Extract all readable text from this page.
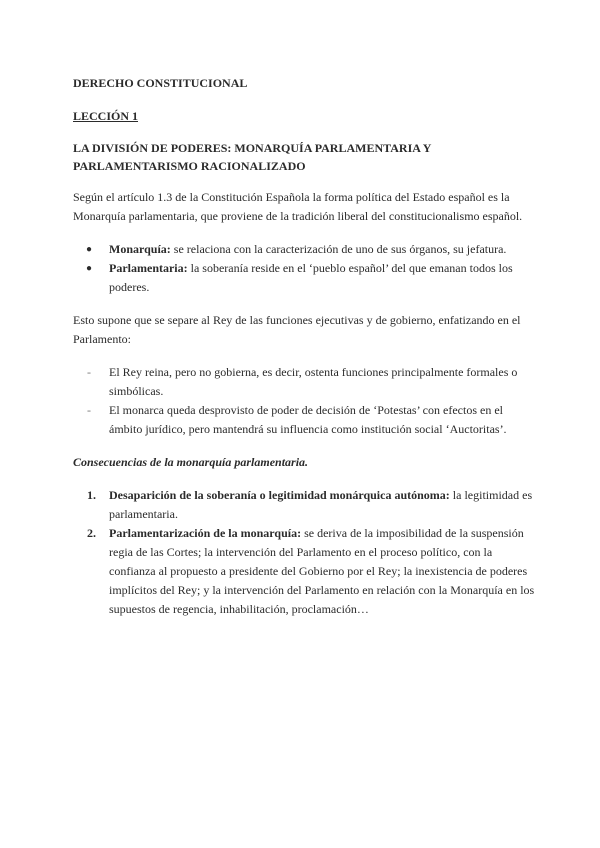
DERECHO CONSTITUCIONAL

LECCIÓN 1

LA DIVISIÓN DE PODERES: MONARQUÍA PARLAMENTARIA Y PARLAMENTARISMO RACIONALIZADO

Según el artículo 1.3 de la Constitución Española la forma política del Estado español es la Monarquía parlamentaria, que proviene de la tradición liberal del constitucionalismo español.

● Monarquía: se relaciona con la caracterización de uno de sus órganos, su jefatura.
● Parlamentaria: la soberanía reside en el ‘pueblo español’ del que emanan todos los poderes.

Esto supone que se separe al Rey de las funciones ejecutivas y de gobierno, enfatizando en el Parlamento:

- El Rey reina, pero no gobierna, es decir, ostenta funciones principalmente formales o simbólicas.
- El monarca queda desprovisto de poder de decisión de ‘Potestas’ con efectos en el ámbito jurídico, pero mantendrá su influencia como institución social ‘Auctoritas’.

Consecuencias de la monarquía parlamentaria.

1. Desaparición de la soberanía o legitimidad monárquica autónoma: la legitimidad es parlamentaria.
2. Parlamentarización de la monarquía: se deriva de la imposibilidad de la suspensión regia de las Cortes; la intervención del Parlamento en el proceso político, con la confianza al propuesto a presidente del Gobierno por el Rey; la inexistencia de poderes implícitos del Rey; y la intervención del Parlamento en relación con la Monarquía en los supuestos de regencia, inhabilitación, proclamación…
